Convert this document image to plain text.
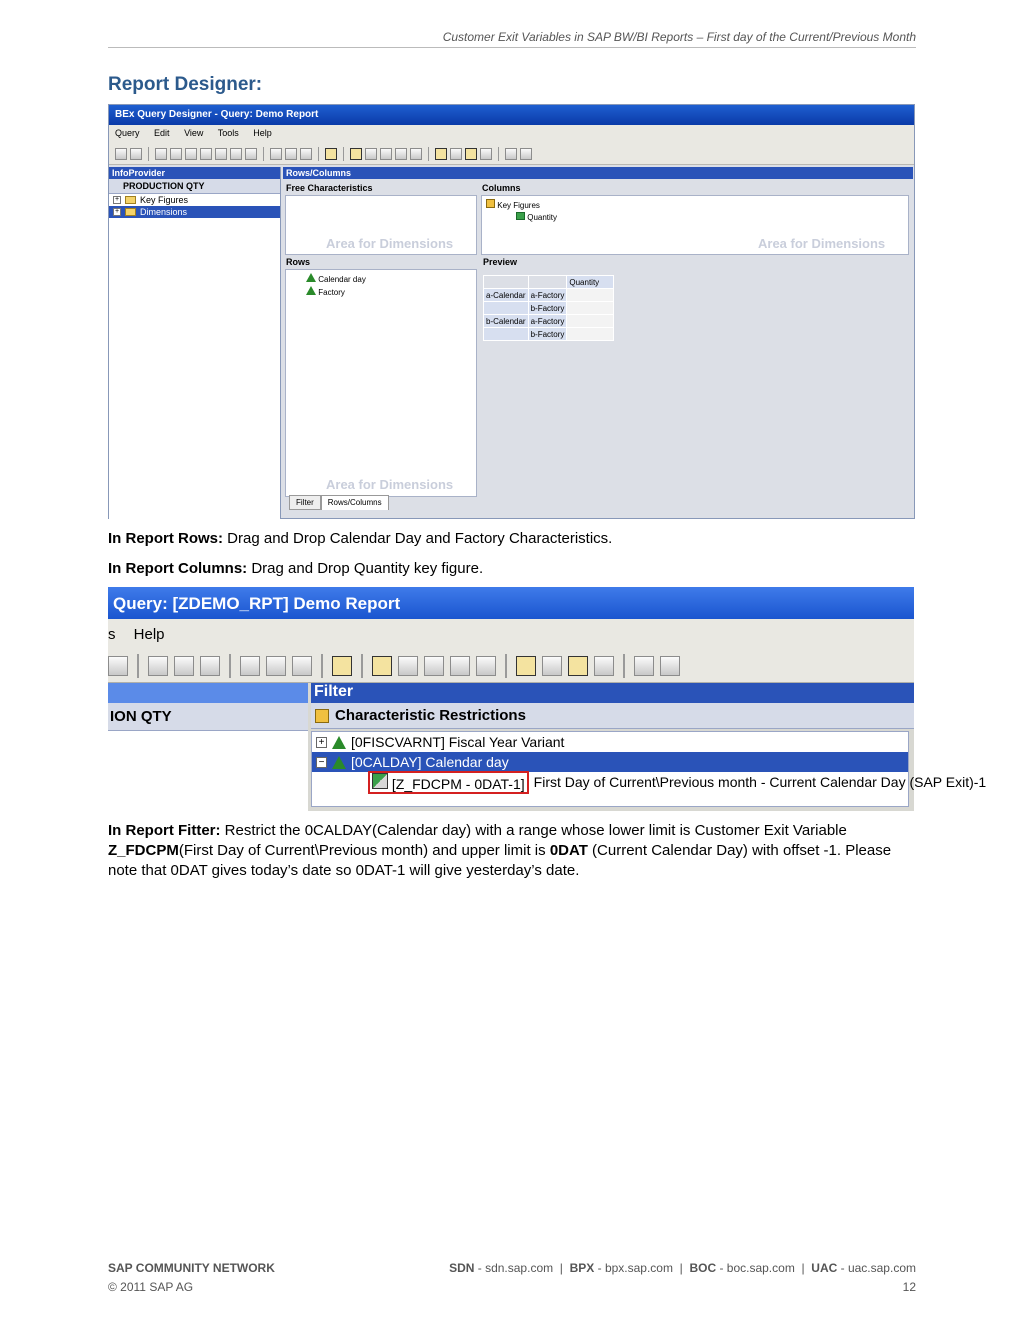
Customer Exit Variables in SAP BW/BI Reports – First day of the Current/Previous Month
Report Designer:
BEx Query Designer - Query: Demo Report
Query Edit View Tools Help
InfoProvider
PRODUCTION QTY
+ Key Figures
+ Dimensions
Rows/Columns
Free Characteristics
Area for Dimensions
Columns
Key Figures
Quantity
Area for Dimensions
Rows
Calendar day
Factory
Area for Dimensions
Preview
		Quantity
a-Calendar	a-Factory	
	b-Factory	
b-Calendar	a-Factory	
	b-Factory	
Filter	Rows/Columns
In Report Rows: Drag and Drop Calendar Day and Factory Characteristics.
In Report Columns: Drag and Drop Quantity key figure.
Query: [ZDEMO_RPT] Demo Report
s Help
ION QTY
Filter
Characteristic Restrictions
+ [0FISCVARNT] Fiscal Year Variant
− [0CALDAY] Calendar day
[Z_FDCPM - 0DAT-1] First Day of Current\Previous month - Current Calendar Day (SAP Exit)-1
In Report Fitter: Restrict the 0CALDAY(Calendar day) with a range whose lower limit is Customer Exit Variable Z_FDCPM(First Day of Current\Previous month) and upper limit is 0DAT (Current Calendar Day) with offset -1. Please note that 0DAT gives today’s date so 0DAT-1 will give yesterday’s date.
SAP COMMUNITY NETWORK	SDN - sdn.sap.com  |  BPX - bpx.sap.com  |  BOC - boc.sap.com  |  UAC - uac.sap.com
© 2011 SAP AG	12
